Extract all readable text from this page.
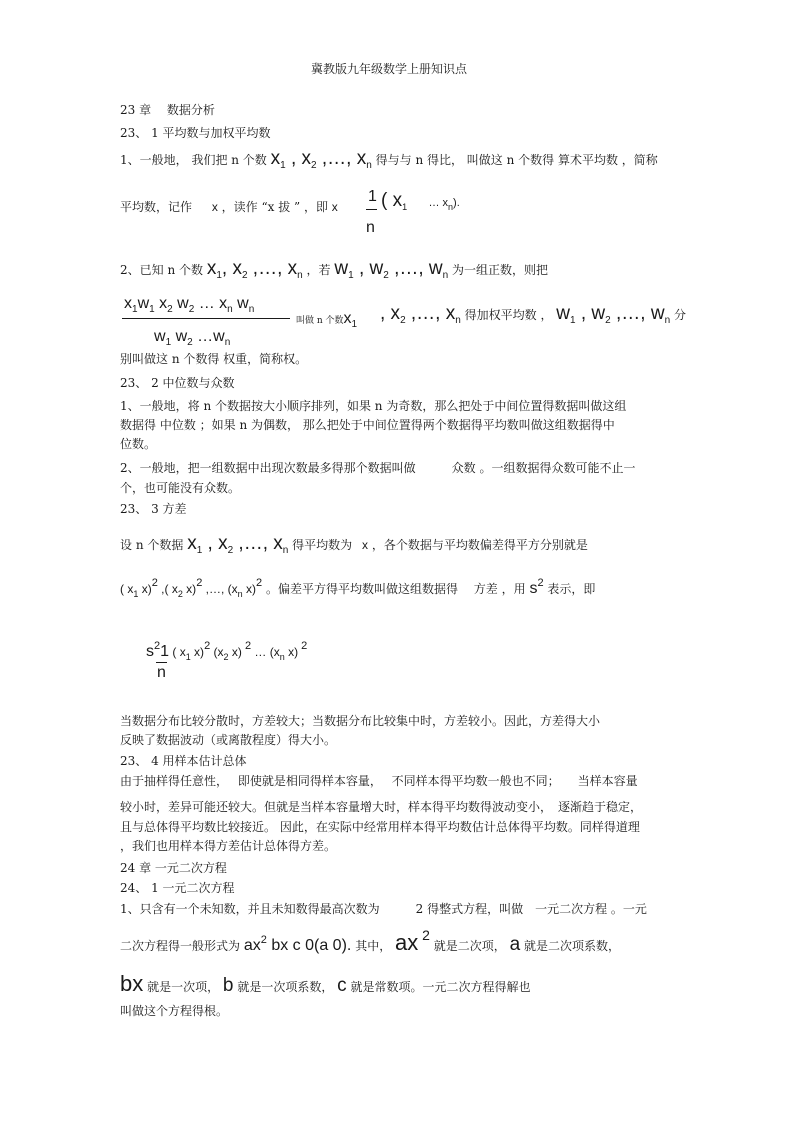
冀教版九年级数学上册知识点
23 章　 数据分析
23、 1 平均数与加权平均数
1、一般地， 我们把 n 个数 $x_1$ , $x_2$ ,…, $x_n$ 得与与 n 得比， 叫做这 n 个数得 算术平均数 ，简称
平均数，记作 x ，读作 “x 拔 ” ，即 x
1
n
( $x_1$ … $x_n$).
2、已知 n 个数 $x_1$, $x_2$ ,…, $x_n$ ，若 $w_1$ , $w_2$ ,…, $w_n$ 为一组正数，则把
$x_1w_1$ $x_2$ $w_2$ … $x_n$ $w_n$
$w_1$ $w_2$ $\dots w_n$
叫做 n 个数$x_1$
, $x_2$ ,…, $x_n$ 得加权平均数 ， $w_1$ , $w_2$ ,…, $w_n$ 分
别叫做这 n 个数得 权重，简称权。
23、 2 中位数与众数
1、一般地，将 n 个数据按大小顺序排列，如果 n 为奇数，那么把处于中间位置得数据叫做这组
数据得 中位数 ；如果 n 为偶数， 那么把处于中间位置得两个数据得平均数叫做这组数据得中
位数。
2、一般地，把一组数据中出现次数最多得那个数据叫做　　　众数 。一组数据得众数可能不止一
个，也可能没有众数。
23、 3 方差
设 n 个数据 $x_1$ , $x_2$ ,…, $x_n$ 得平均数为 x ，各个数据与平均数偏差得平方分别就是
( $x_1$ x)2 ,( $x_2$ x)2 ,…, ($x_n$ x)2 。偏差平方得平均数叫做这组数据得　 方差 ，用 s2 表示，即
s21 ( $x_1$ x)2 ($x_2$ x) 2 … ($x_n$ x) 2
n
当数据分布比较分散时，方差较大；当数据分布比较集中时，方差较小。因此，方差得大小
反映了数据波动（或离散程度）得大小。
23、 4 用样本估计总体
由于抽样得任意性，　 即使就是相同得样本容量，　 不同样本得平均数一般也不同；　　当样本容量
较小时，差异可能还较大。但就是当样本容量增大时，样本得平均数得波动变小，　逐渐趋于稳定，
且与总体得平均数比较接近。 因此，在实际中经常用样本得平均数估计总体得平均数。同样得道理
，我们也用样本得方差估计总体得方差。
24 章 一元二次方程
24、 1 一元二次方程
1、只含有一个未知数，并且未知数得最高次数为　　　2 得整式方程，叫做　一元二次方程 。一元
二次方程得一般形式为 ax2 bx c 0(a 0). 其中， ax 2 就是二次项， a 就是二次项系数，
bx 就是一次项， b 就是一次项系数， c 就是常数项。一元二次方程得解也
叫做这个方程得根。
